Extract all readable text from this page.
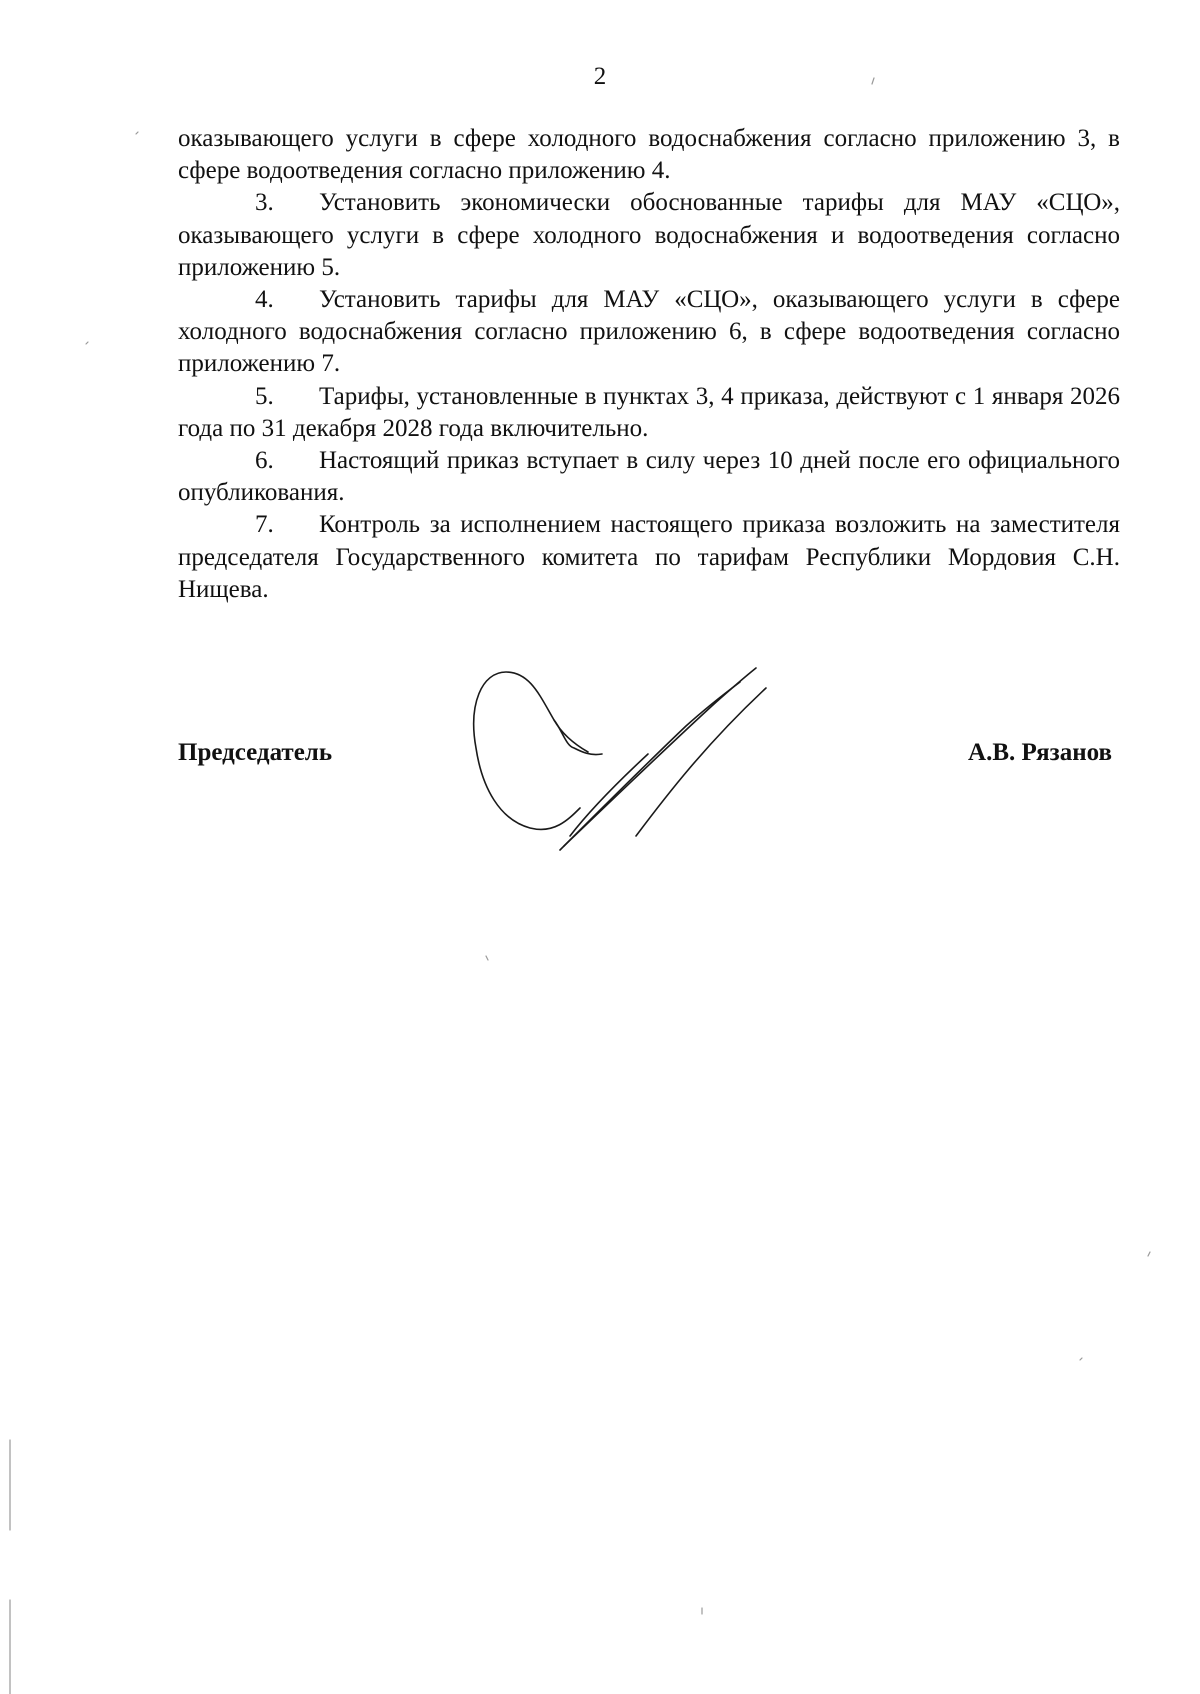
2

оказывающего услуги в сфере холодного водоснабжения согласно приложению 3, в сфере водоотведения согласно приложению 4.

3. Установить экономически обоснованные тарифы для МАУ «СЦО», оказывающего услуги в сфере холодного водоснабжения и водоотведения согласно приложению 5.

4. Установить тарифы для МАУ «СЦО», оказывающего услуги в сфере холодного водоснабжения согласно приложению 6, в сфере водоотведения согласно приложению 7.

5. Тарифы, установленные в пунктах 3, 4 приказа, действуют с 1 января 2026 года по 31 декабря 2028 года включительно.

6. Настоящий приказ вступает в силу через 10 дней после его официального опубликования.

7. Контроль за исполнением настоящего приказа возложить на заместителя председателя Государственного комитета по тарифам Республики Мордовия С.Н. Нищева.

Председатель	А.В. Рязанов
